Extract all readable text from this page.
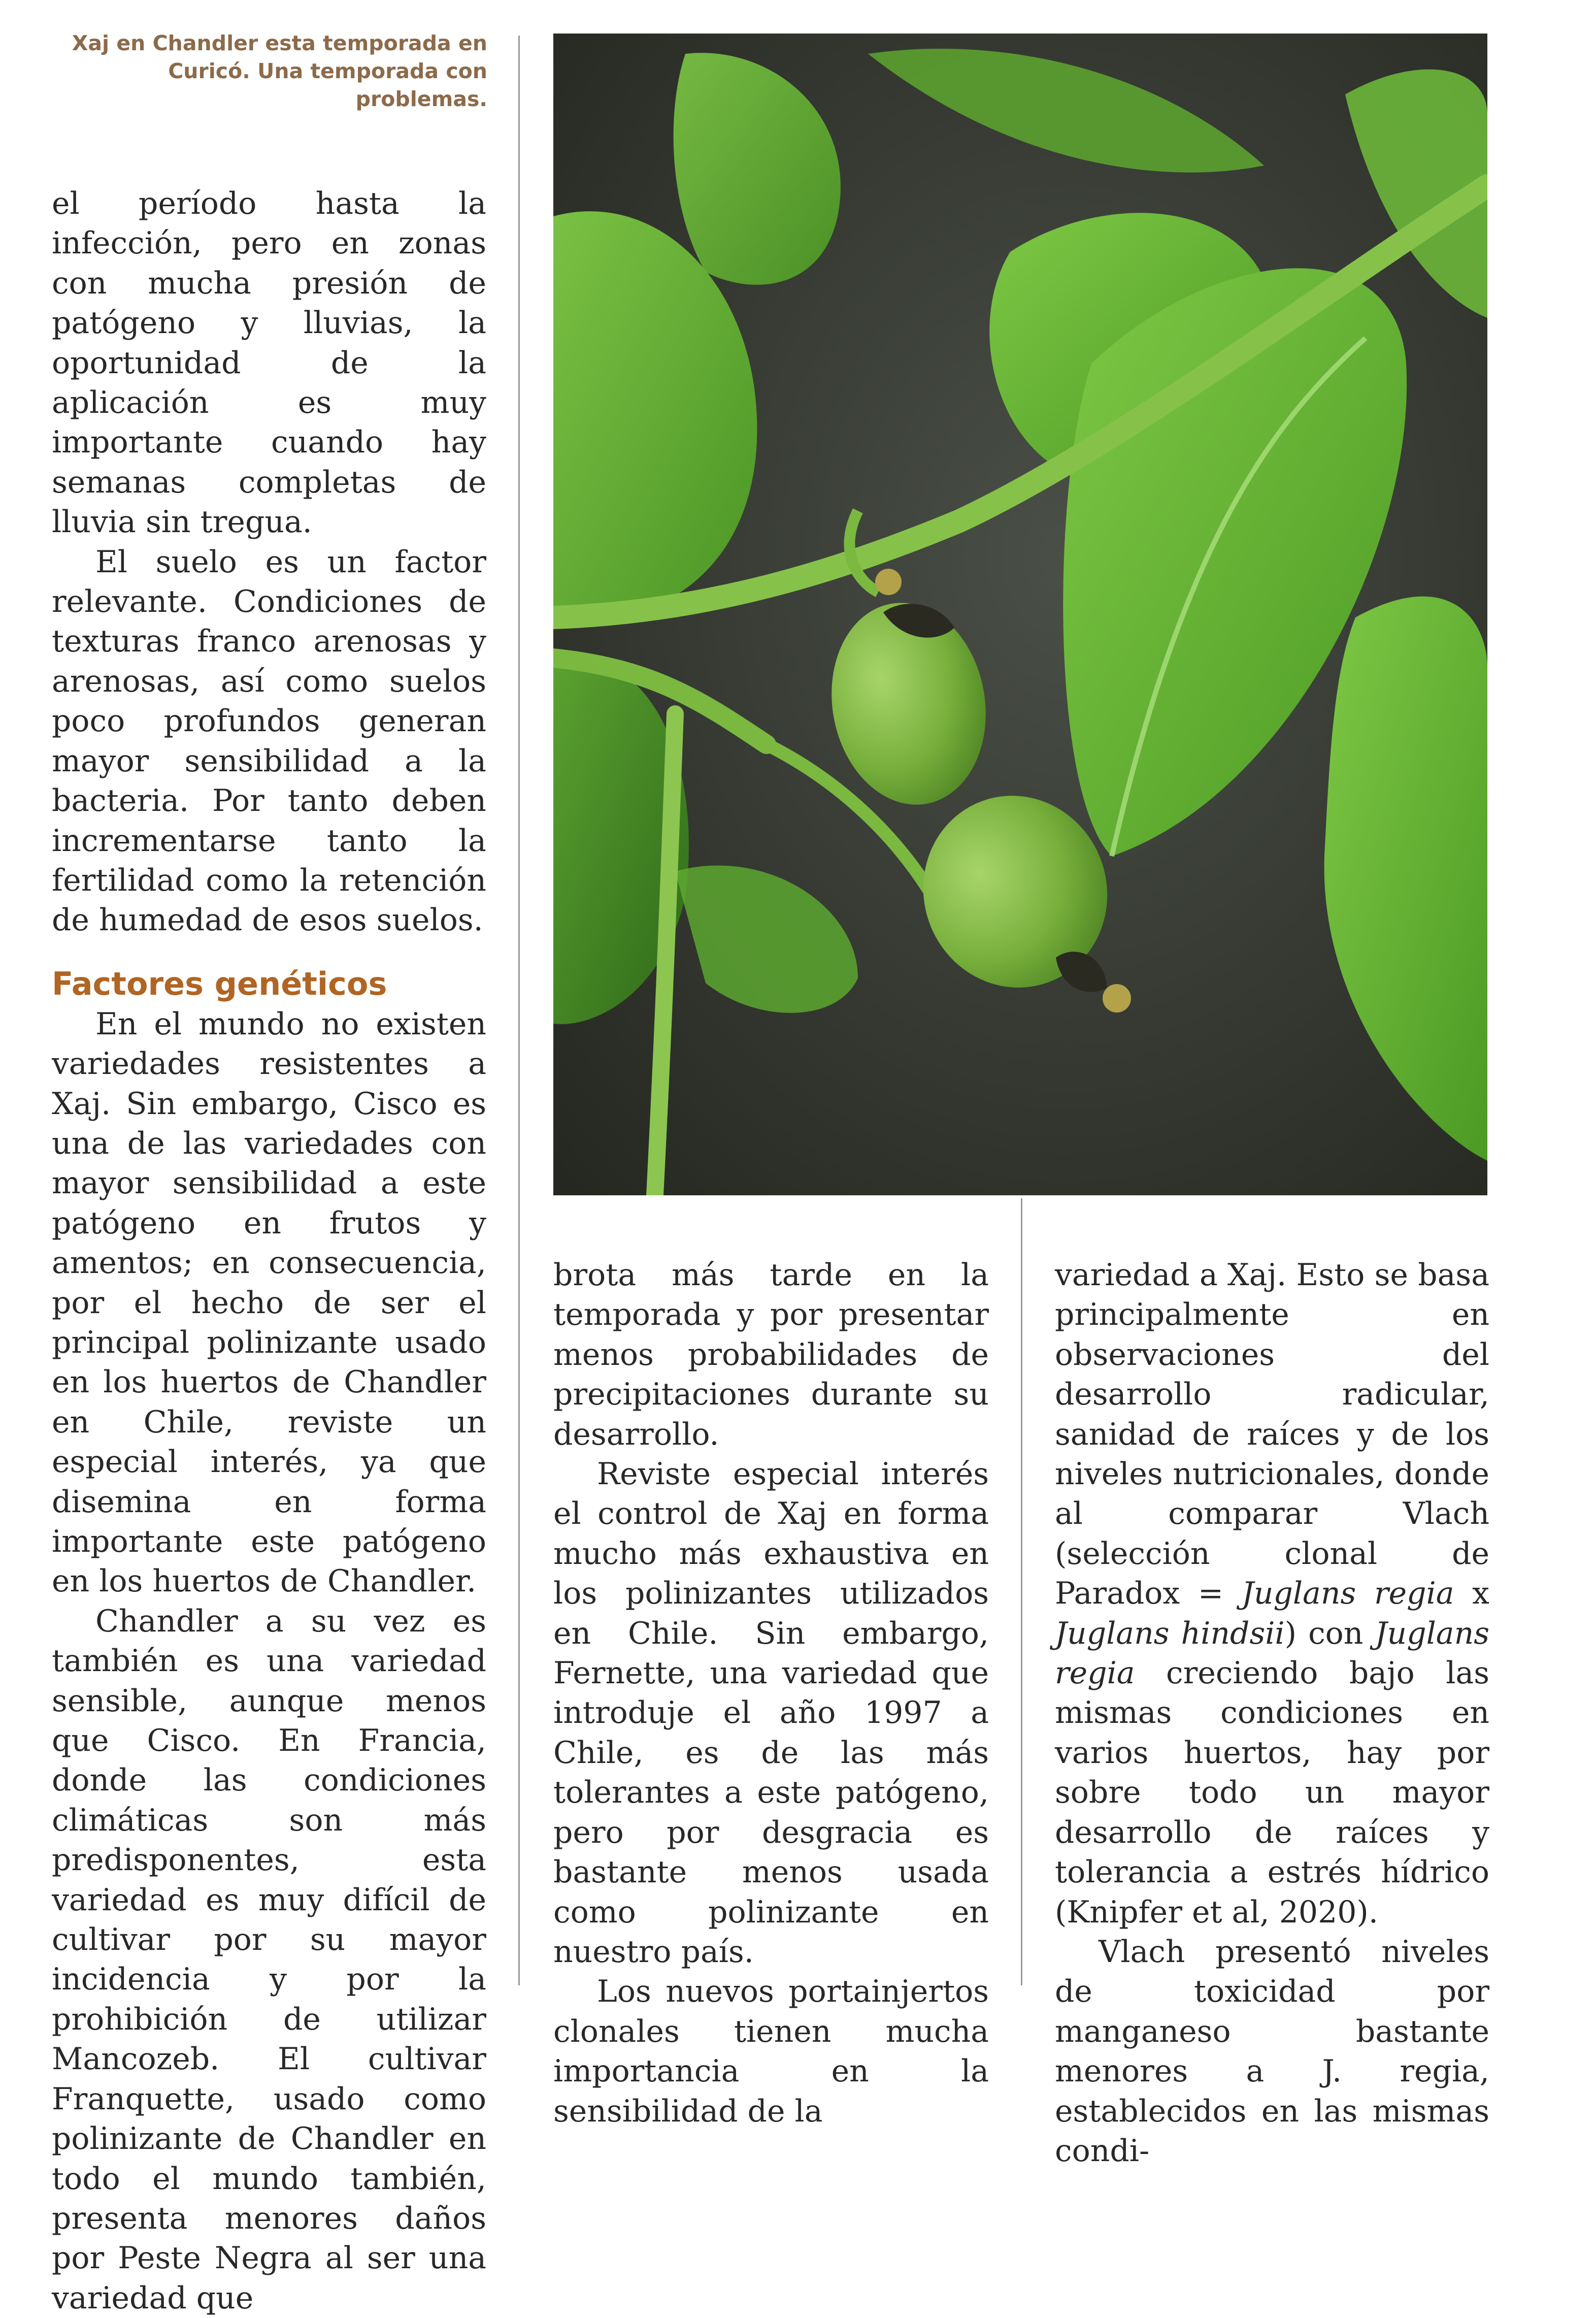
Xaj en Chandler esta temporada en Curicó. Una temporada con problemas.

el período hasta la infección, pero en zonas con mucha presión de patógeno y lluvias, la oportunidad de la aplicación es muy importante cuando hay semanas completas de lluvia sin tregua.

El suelo es un factor relevante. Condiciones de texturas franco arenosas y arenosas, así como suelos poco profundos generan mayor sensibilidad a la bacteria. Por tanto deben incrementarse tanto la fertilidad como la retención de humedad de esos suelos.

Factores genéticos

En el mundo no existen variedades resistentes a Xaj. Sin embargo, Cisco es una de las variedades con mayor sensibilidad a este patógeno en frutos y amentos; en consecuencia, por el hecho de ser el principal polinizante usado en los huertos de Chandler en Chile, reviste un especial interés, ya que disemina en forma importante este patógeno en los huertos de Chandler.

Chandler a su vez es también es una variedad sensible, aunque menos que Cisco. En Francia, donde las condiciones climáticas son más predisponentes, esta variedad es muy difícil de cultivar por su mayor incidencia y por la prohibición de utilizar Mancozeb. El cultivar Franquette, usado como polinizante de Chandler en todo el mundo también, presenta menores daños por Peste Negra al ser una variedad que

brota más tarde en la temporada y por presentar menos probabilidades de precipitaciones durante su desarrollo.

Reviste especial interés el control de Xaj en forma mucho más exhaustiva en los polinizantes utilizados en Chile. Sin embargo, Fernette, una variedad que introduje el año 1997 a Chile, es de las más tolerantes a este patógeno, pero por desgracia es bastante menos usada como polinizante en nuestro país.

Los nuevos portainjertos clonales tienen mucha importancia en la sensibilidad de la

variedad a Xaj. Esto se basa principalmente en observaciones del desarrollo radicular, sanidad de raíces y de los niveles nutricionales, donde al comparar Vlach (selección clonal de Paradox = Juglans regia x Juglans hindsii) con Juglans regia creciendo bajo las mismas condiciones en varios huertos, hay por sobre todo un mayor desarrollo de raíces y tolerancia a estrés hídrico (Knipfer et al, 2020).

Vlach presentó niveles de toxicidad por manganeso bastante menores a J. regia, establecidos en las mismas condi-
